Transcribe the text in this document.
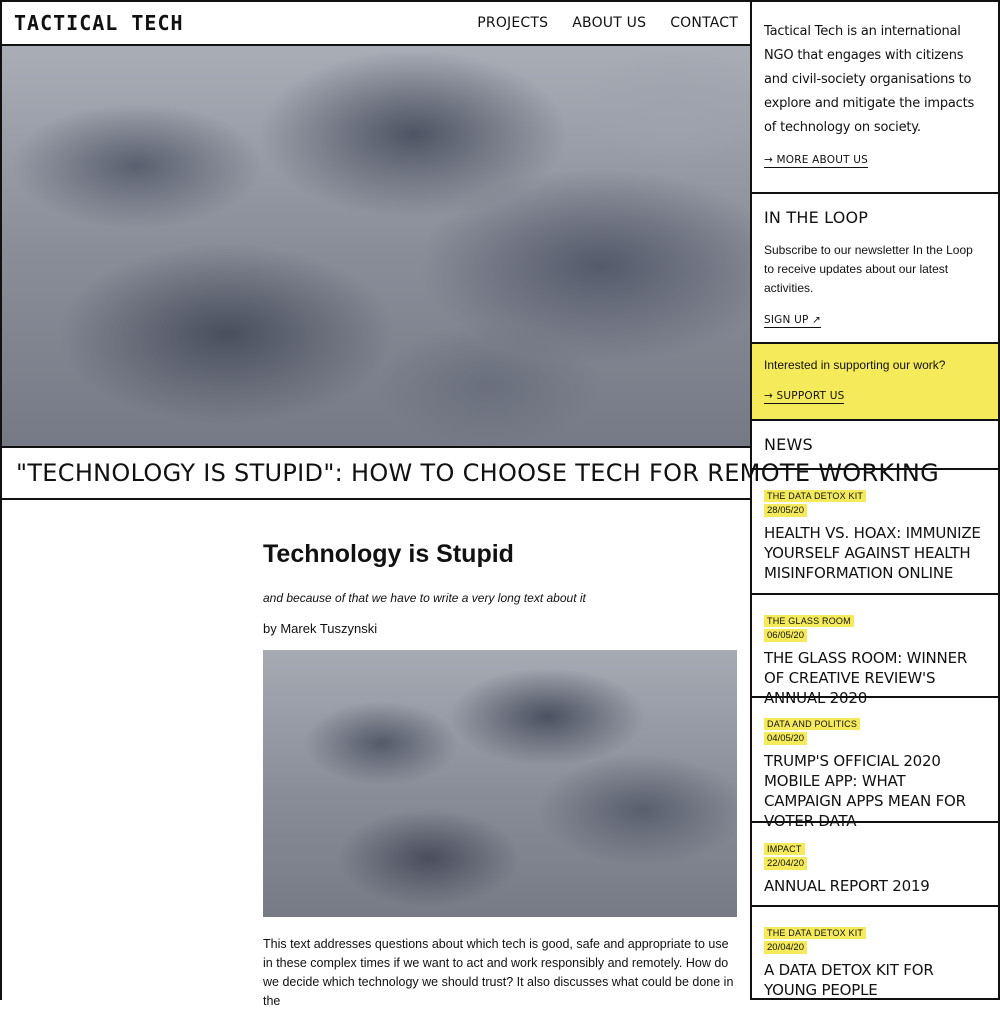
TACTICAL TECH	PROJECTS ABOUT US CONTACT
"TECHNOLOGY IS STUPID": HOW TO CHOOSE TECH FOR REMOTE WORKING
Technology is Stupid

and because of that we have to write a very long text about it

by Marek Tuszynski

This text addresses questions about which tech is good, safe and appropriate to use in these complex times if we want to act and work responsibly and remotely. How do we decide which technology we should trust? It also discusses what could be done in the

Tactical Tech is an international NGO that engages with citizens and civil-society organisations to explore and mitigate the impacts of technology on society.

→ MORE ABOUT US
IN THE LOOP

Subscribe to our newsletter In the Loop to receive updates about our latest activities.

SIGN UP ↗

Interested in supporting our work?

→ SUPPORT US
NEWS
THE DATA DETOX KIT
28/05/20
HEALTH VS. HOAX: IMMUNIZE YOURSELF AGAINST HEALTH MISINFORMATION ONLINE
THE GLASS ROOM
06/05/20
THE GLASS ROOM: WINNER OF CREATIVE REVIEW'S ANNUAL 2020
DATA AND POLITICS
04/05/20
TRUMP'S OFFICIAL 2020 MOBILE APP: WHAT CAMPAIGN APPS MEAN FOR VOTER DATA
IMPACT
22/04/20
ANNUAL REPORT 2019
THE DATA DETOX KIT
20/04/20
A DATA DETOX KIT FOR YOUNG PEOPLE
